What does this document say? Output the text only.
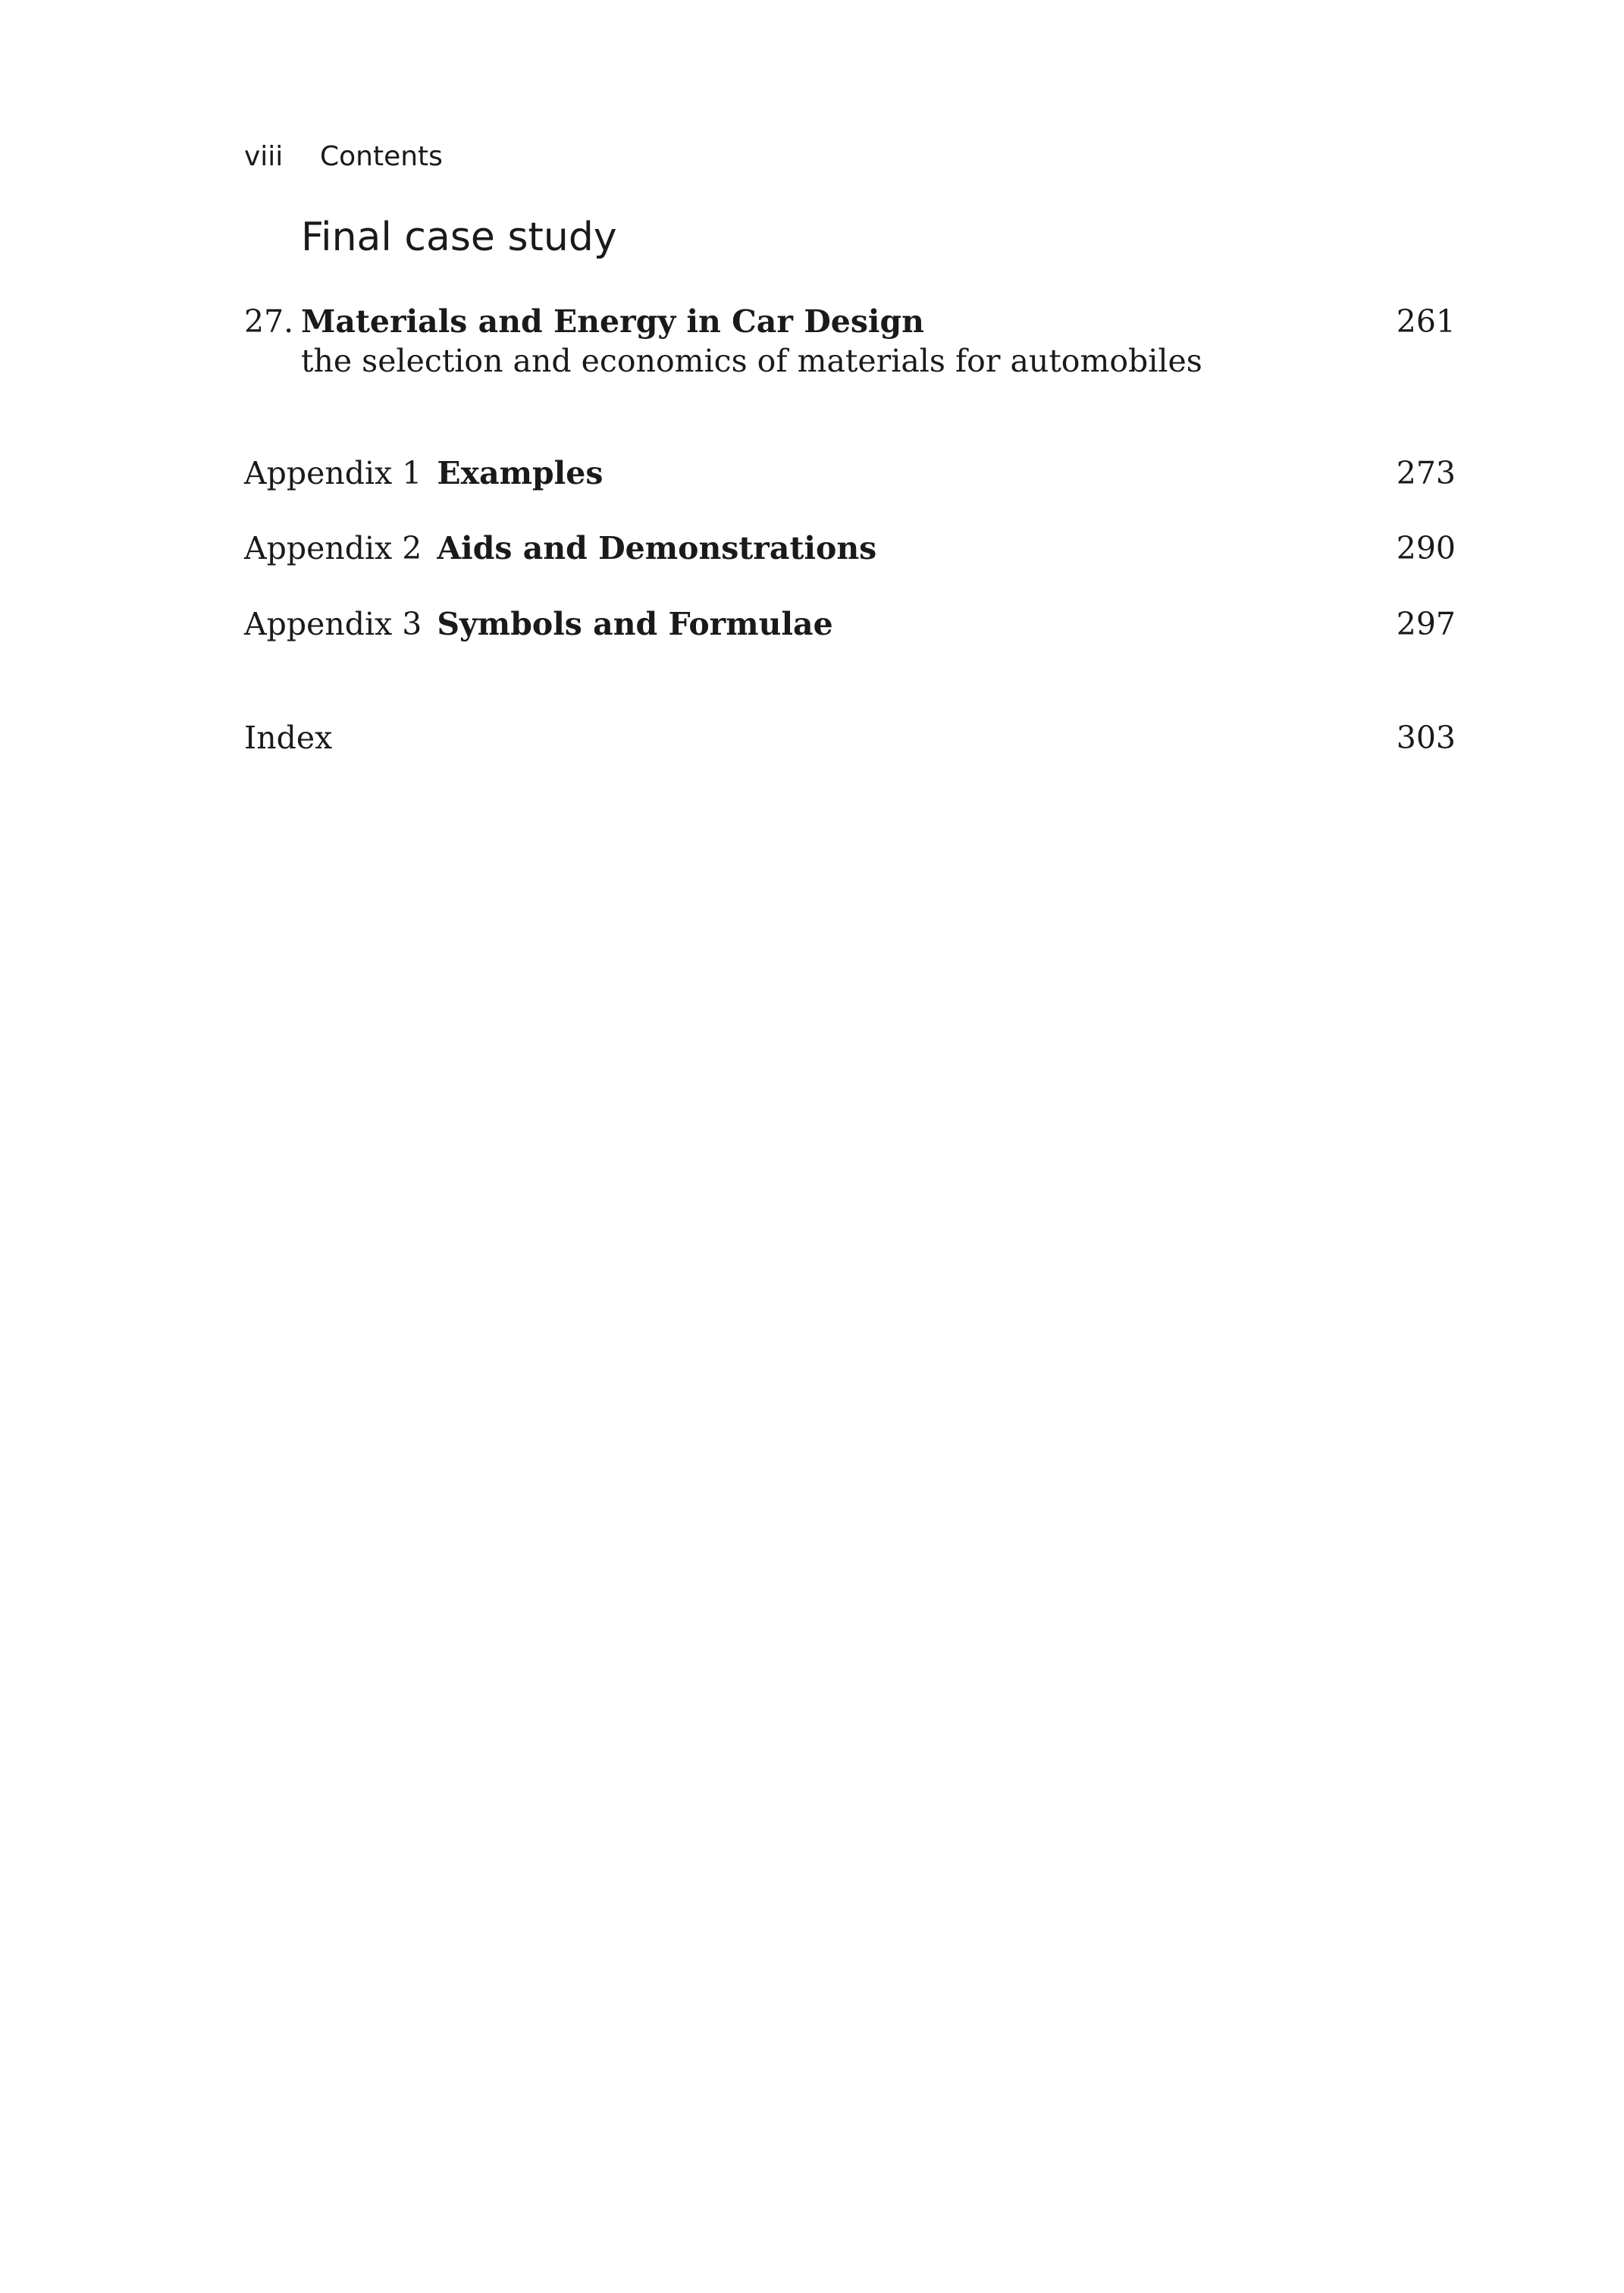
viii Contents
Final case study
27. Materials and Energy in Car Design	261
the selection and economics of materials for automobiles
Appendix 1 Examples	273
Appendix 2 Aids and Demonstrations	290
Appendix 3 Symbols and Formulae	297
Index	303
